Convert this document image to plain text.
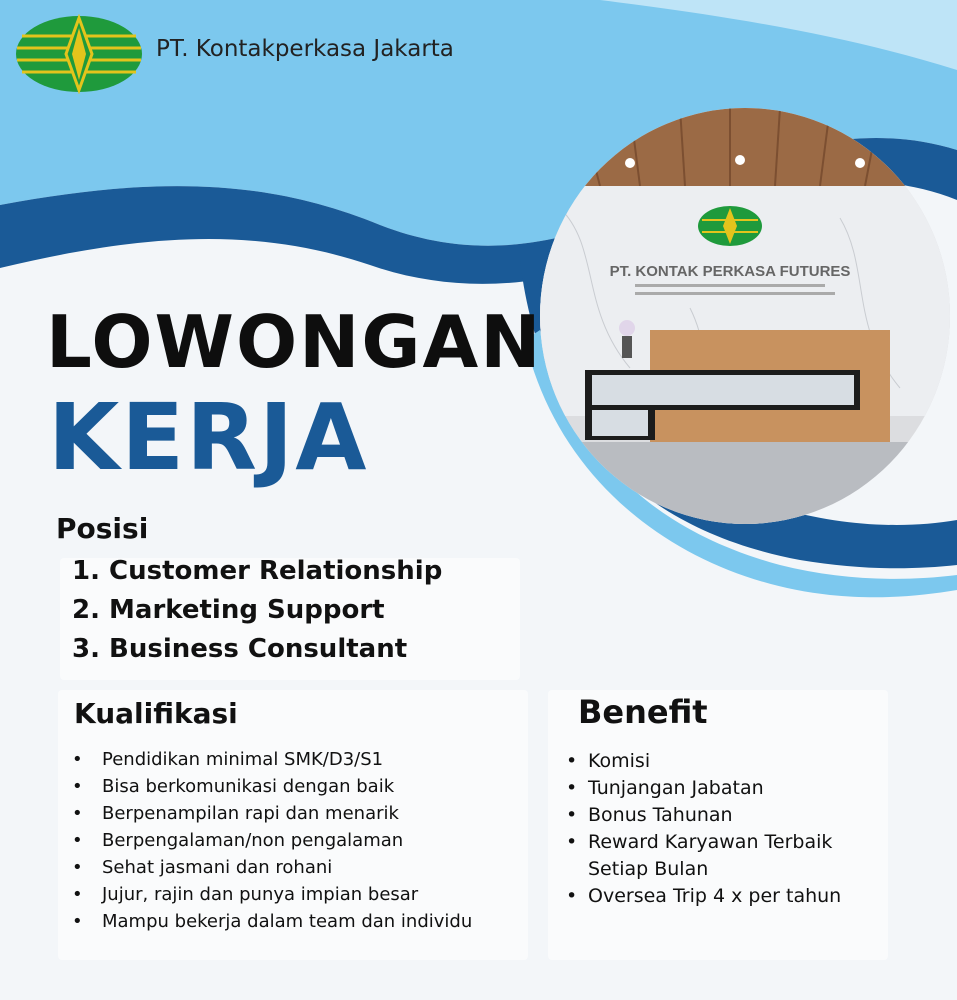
PT. Kontakperkasa Jakarta
PT. KONTAK PERKASA FUTURES
LOWONGAN
KERJA
Posisi
1. Customer Relationship
2. Marketing Support
3. Business Consultant
Kualifikasi
• Pendidikan minimal SMK/D3/S1
• Bisa berkomunikasi dengan baik
• Berpenampilan rapi dan menarik
• Berpengalaman/non pengalaman
• Sehat jasmani dan rohani
• Jujur, rajin dan punya impian besar
• Mampu bekerja dalam team dan individu
Benefit
• Komisi
• Tunjangan Jabatan
• Bonus Tahunan
• Reward Karyawan Terbaik
Setiap Bulan
• Oversea Trip 4 x per tahun
